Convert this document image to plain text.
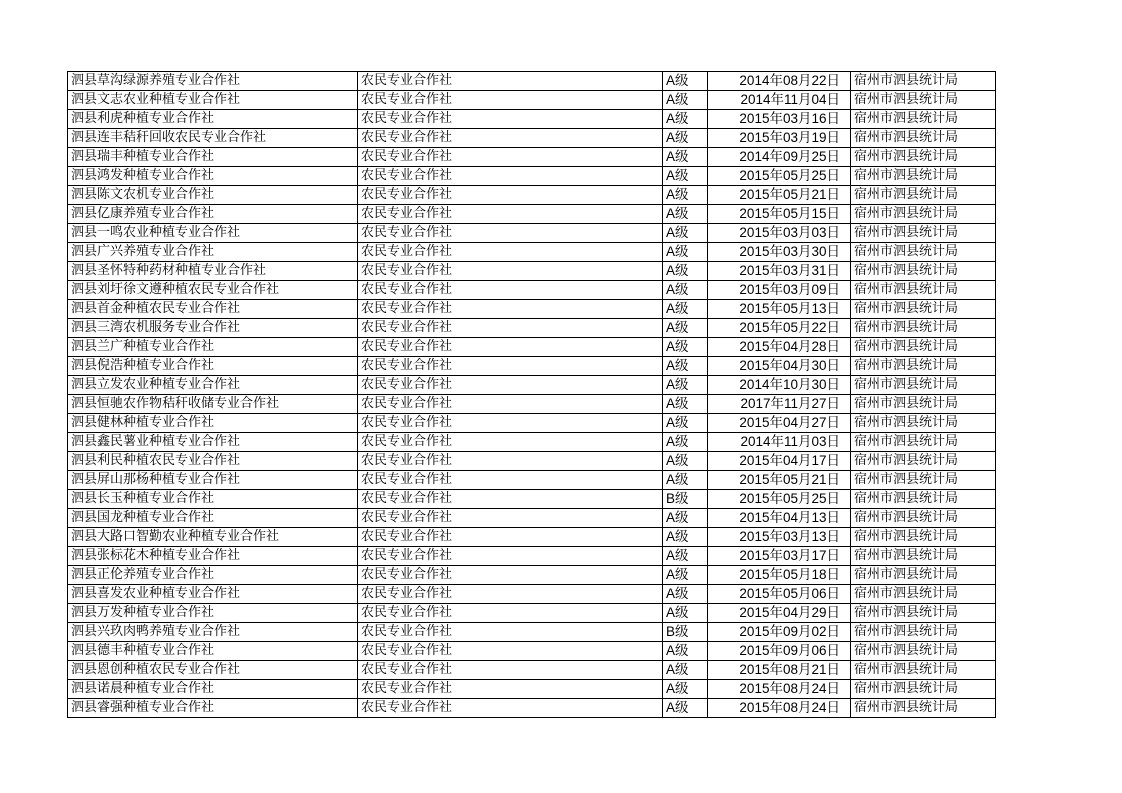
泗县草沟绿源养殖专业合作社	农民专业合作社	A级	2014年08月22日	宿州市泗县统计局
泗县文志农业种植专业合作社	农民专业合作社	A级	2014年11月04日	宿州市泗县统计局
泗县利虎种植专业合作社	农民专业合作社	A级	2015年03月16日	宿州市泗县统计局
泗县连丰秸秆回收农民专业合作社	农民专业合作社	A级	2015年03月19日	宿州市泗县统计局
泗县瑞丰种植专业合作社	农民专业合作社	A级	2014年09月25日	宿州市泗县统计局
泗县鸿发种植专业合作社	农民专业合作社	A级	2015年05月25日	宿州市泗县统计局
泗县陈文农机专业合作社	农民专业合作社	A级	2015年05月21日	宿州市泗县统计局
泗县亿康养殖专业合作社	农民专业合作社	A级	2015年05月15日	宿州市泗县统计局
泗县一鸣农业种植专业合作社	农民专业合作社	A级	2015年03月03日	宿州市泗县统计局
泗县广兴养殖专业合作社	农民专业合作社	A级	2015年03月30日	宿州市泗县统计局
泗县圣怀特种药材种植专业合作社	农民专业合作社	A级	2015年03月31日	宿州市泗县统计局
泗县刘圩徐文遵种植农民专业合作社	农民专业合作社	A级	2015年03月09日	宿州市泗县统计局
泗县首金种植农民专业合作社	农民专业合作社	A级	2015年05月13日	宿州市泗县统计局
泗县三湾农机服务专业合作社	农民专业合作社	A级	2015年05月22日	宿州市泗县统计局
泗县兰广种植专业合作社	农民专业合作社	A级	2015年04月28日	宿州市泗县统计局
泗县倪浩种植专业合作社	农民专业合作社	A级	2015年04月30日	宿州市泗县统计局
泗县立发农业种植专业合作社	农民专业合作社	A级	2014年10月30日	宿州市泗县统计局
泗县恒驰农作物秸秆收储专业合作社	农民专业合作社	A级	2017年11月27日	宿州市泗县统计局
泗县健林种植专业合作社	农民专业合作社	A级	2015年04月27日	宿州市泗县统计局
泗县鑫民薯业种植专业合作社	农民专业合作社	A级	2014年11月03日	宿州市泗县统计局
泗县利民种植农民专业合作社	农民专业合作社	A级	2015年04月17日	宿州市泗县统计局
泗县屏山那杨种植专业合作社	农民专业合作社	A级	2015年05月21日	宿州市泗县统计局
泗县长玉种植专业合作社	农民专业合作社	B级	2015年05月25日	宿州市泗县统计局
泗县国龙种植专业合作社	农民专业合作社	A级	2015年04月13日	宿州市泗县统计局
泗县大路口智勤农业种植专业合作社	农民专业合作社	A级	2015年03月13日	宿州市泗县统计局
泗县张标花木种植专业合作社	农民专业合作社	A级	2015年03月17日	宿州市泗县统计局
泗县正伦养殖专业合作社	农民专业合作社	A级	2015年05月18日	宿州市泗县统计局
泗县喜发农业种植专业合作社	农民专业合作社	A级	2015年05月06日	宿州市泗县统计局
泗县万发种植专业合作社	农民专业合作社	A级	2015年04月29日	宿州市泗县统计局
泗县兴玖肉鸭养殖专业合作社	农民专业合作社	B级	2015年09月02日	宿州市泗县统计局
泗县德丰种植专业合作社	农民专业合作社	A级	2015年09月06日	宿州市泗县统计局
泗县恩创种植农民专业合作社	农民专业合作社	A级	2015年08月21日	宿州市泗县统计局
泗县诺晨种植专业合作社	农民专业合作社	A级	2015年08月24日	宿州市泗县统计局
泗县睿强种植专业合作社	农民专业合作社	A级	2015年08月24日	宿州市泗县统计局
